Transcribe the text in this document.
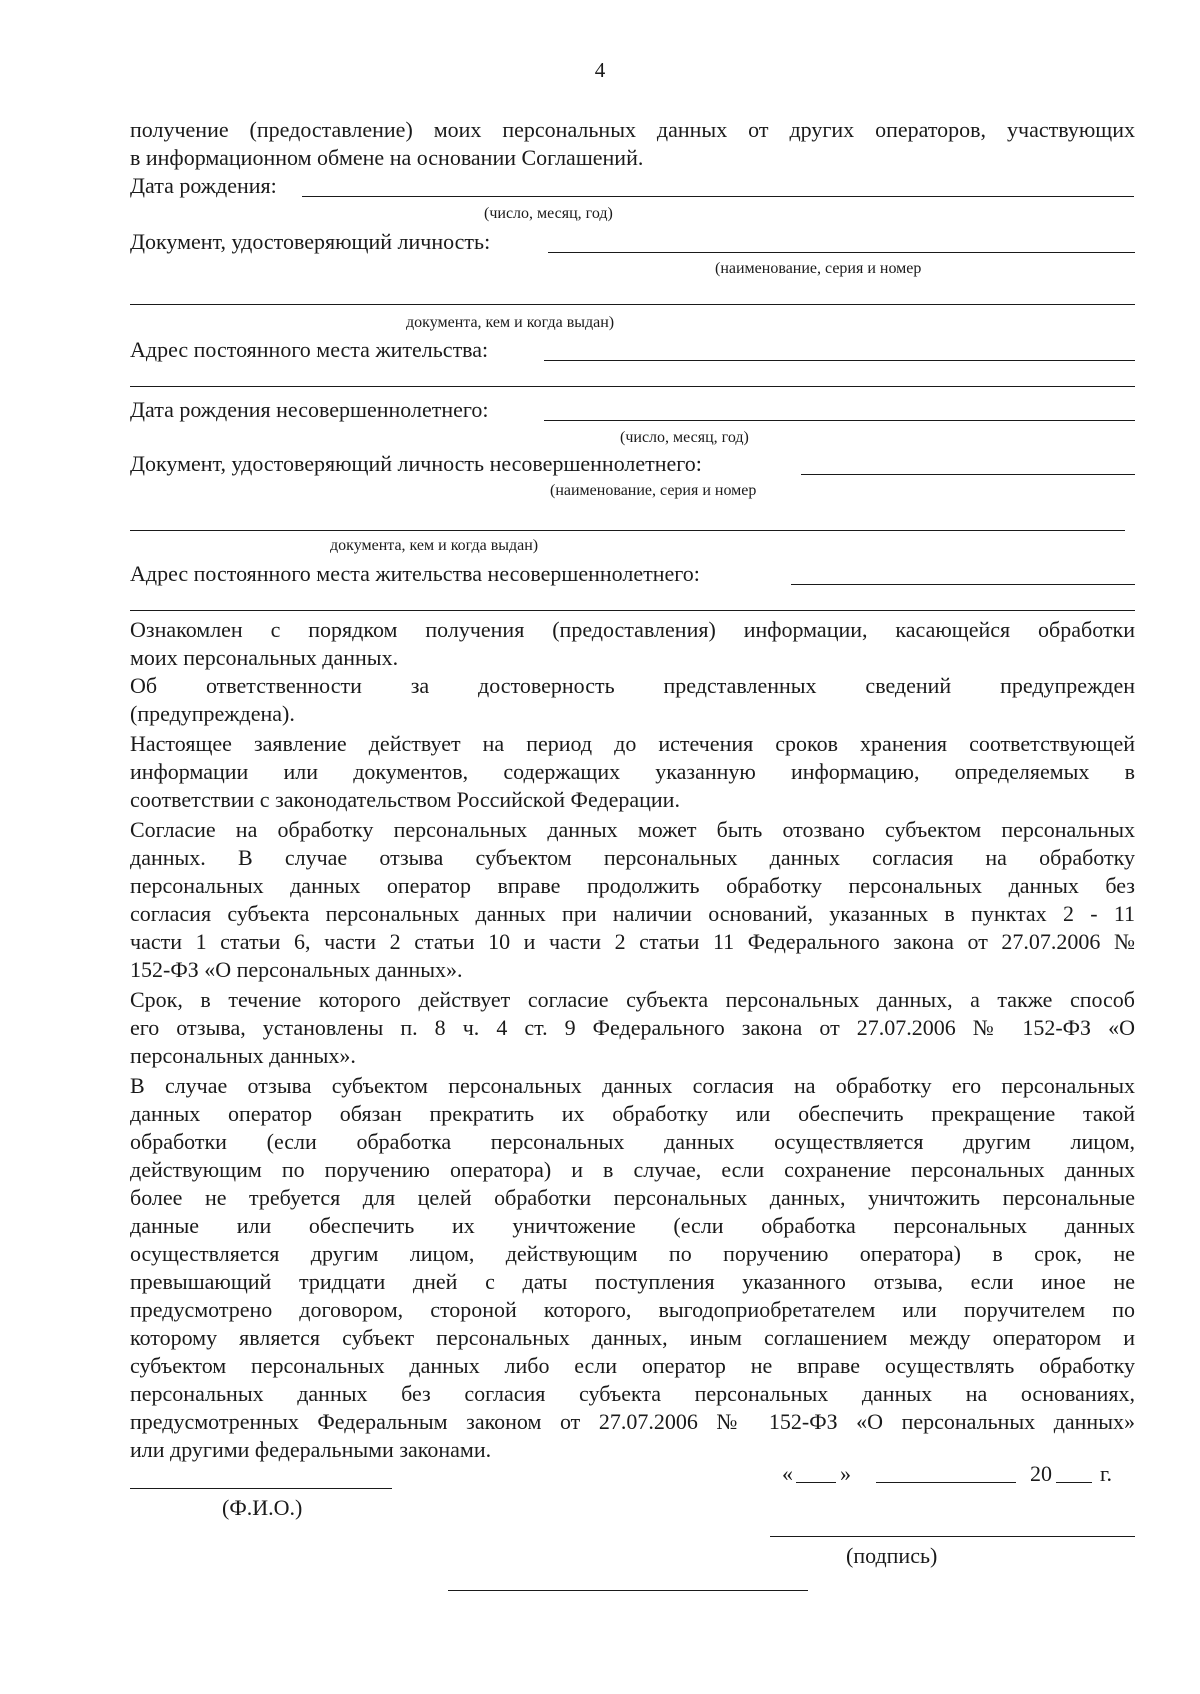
4
получение (предоставление) моих персональных данных от других операторов, участвующих
в информационном обмене на основании Соглашений.
Дата рождения:
(число, месяц, год)
Документ, удостоверяющий личность:
(наименование, серия и номер
документа, кем и когда выдан)
Адрес постоянного места жительства:
Дата рождения несовершеннолетнего:
(число, месяц, год)
Документ, удостоверяющий личность несовершеннолетнего:
(наименование, серия и номер
документа, кем и когда выдан)
Адрес постоянного места жительства несовершеннолетнего:
Ознакомлен с порядком получения (предоставления) информации, касающейся обработки
моих персональных данных.
Об ответственности за достоверность представленных сведений предупрежден
(предупреждена).
Настоящее заявление действует на период до истечения сроков хранения соответствующей
информации или документов, содержащих указанную информацию, определяемых в
соответствии с законодательством Российской Федерации.
Согласие на обработку персональных данных может быть отозвано субъектом персональных
данных. В случае отзыва субъектом персональных данных согласия на обработку
персональных данных оператор вправе продолжить обработку персональных данных без
согласия субъекта персональных данных при наличии оснований, указанных в пунктах 2 - 11
части 1 статьи 6, части 2 статьи 10 и части 2 статьи 11 Федерального закона от 27.07.2006 №
152-ФЗ «О персональных данных».
Срок, в течение которого действует согласие субъекта персональных данных, а также способ
его отзыва, установлены п. 8 ч. 4 ст. 9 Федерального закона от 27.07.2006 № 152-ФЗ «О
персональных данных».
В случае отзыва субъектом персональных данных согласия на обработку его персональных
данных оператор обязан прекратить их обработку или обеспечить прекращение такой
обработки (если обработка персональных данных осуществляется другим лицом,
действующим по поручению оператора) и в случае, если сохранение персональных данных
более не требуется для целей обработки персональных данных, уничтожить персональные
данные или обеспечить их уничтожение (если обработка персональных данных
осуществляется другим лицом, действующим по поручению оператора) в срок, не
превышающий тридцати дней с даты поступления указанного отзыва, если иное не
предусмотрено договором, стороной которого, выгодоприобретателем или поручителем по
которому является субъект персональных данных, иным соглашением между оператором и
субъектом персональных данных либо если оператор не вправе осуществлять обработку
персональных данных без согласия субъекта персональных данных на основаниях,
предусмотренных Федеральным законом от 27.07.2006 № 152-ФЗ «О персональных данных»
или другими федеральными законами.
(Ф.И.О.)
« »	20 г.
(подпись)
